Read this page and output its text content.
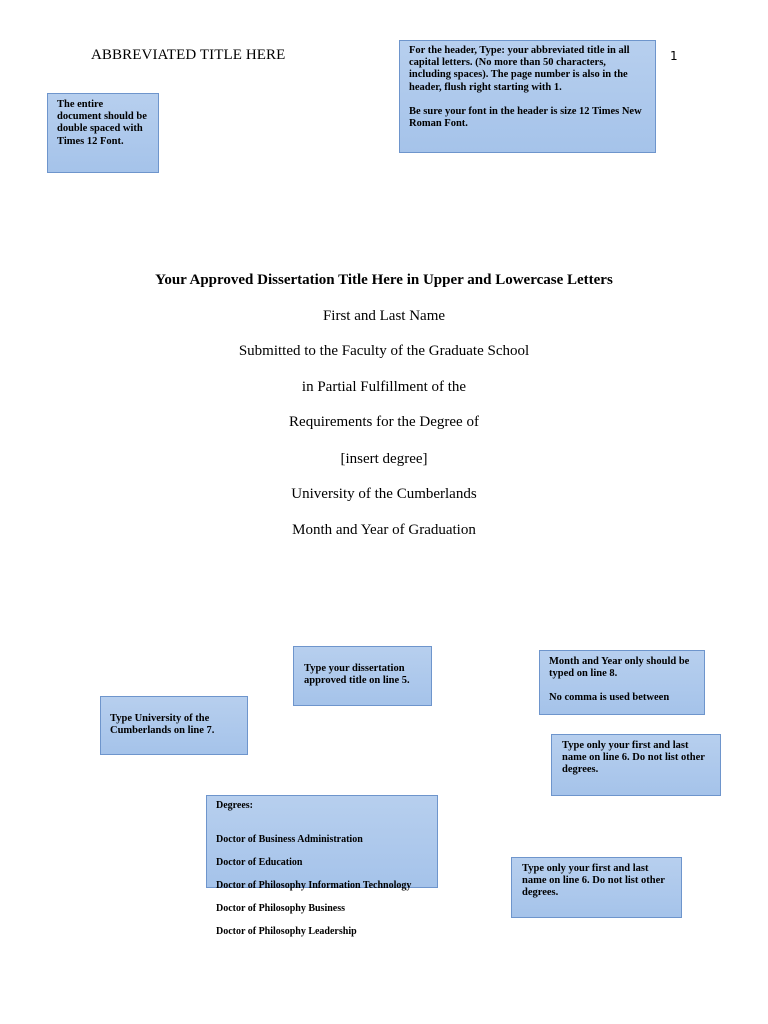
ABBREVIATED TITLE HERE	1

For the header, Type: your abbreviated title in all capital letters. (No more than 50 characters, including spaces). The page number is also in the header, flush right starting with 1.

Be sure your font in the header is size 12 Times New Roman Font.

The entire document should be double spaced with Times 12 Font.

Your Approved Dissertation Title Here in Upper and Lowercase Letters
First and Last Name
Submitted to the Faculty of the Graduate School
in Partial Fulfillment of the
Requirements for the Degree of
[insert degree]
University of the Cumberlands
Month and Year of Graduation

Type your dissertation approved title on line 5.

Month and Year only should be typed on line 8.

No comma is used between

Type University of the Cumberlands on line 7.

Type only your first and last name on line 6. Do not list other degrees.

Degrees:

Doctor of Business Administration

Doctor of Education

Doctor of Philosophy Information Technology

Doctor of Philosophy Business

Doctor of Philosophy Leadership

Type only your first and last name on line 6. Do not list other degrees.
